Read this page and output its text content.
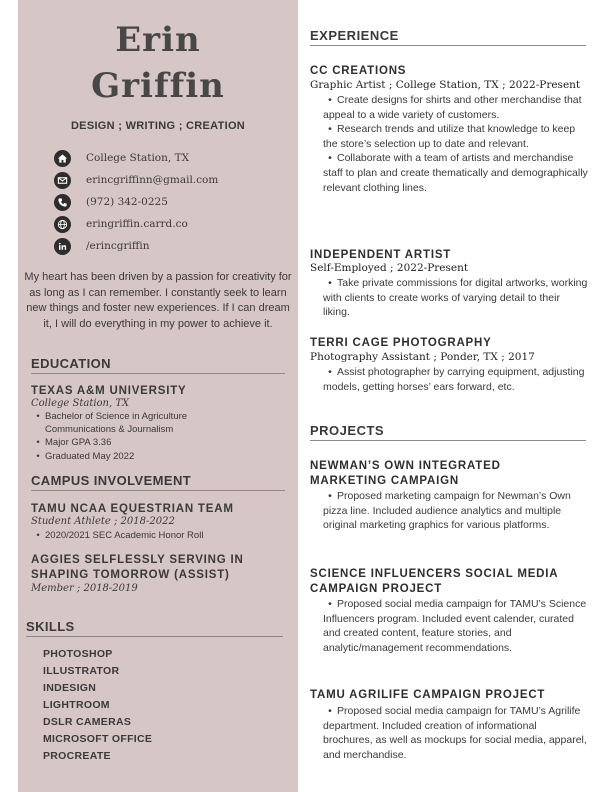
Erin
Griffin
DESIGN ; WRITING ; CREATION
College Station, TX
erincgriffinn@gmail.com
(972) 342-0225
eringriffin.carrd.co
/erincgriffin
My heart has been driven by a passion for creativity for as long as I can remember. I constantly seek to learn new things and foster new experiences. If I can dream it, I will do everything in my power to achieve it.
EDUCATION
TEXAS A&M UNIVERSITY
College Station, TX
• Bachelor of Science in Agriculture Communications & Journalism
• Major GPA 3.36
• Graduated May 2022
CAMPUS INVOLVEMENT
TAMU NCAA EQUESTRIAN TEAM
Student Athlete ; 2018-2022
• 2020/2021 SEC Academic Honor Roll
AGGIES SELFLESSLY SERVING IN SHAPING TOMORROW (ASSIST)
Member ; 2018-2019
SKILLS
PHOTOSHOP
ILLUSTRATOR
INDESIGN
LIGHTROOM
DSLR CAMERAS
MICROSOFT OFFICE
PROCREATE
EXPERIENCE
CC CREATIONS
Graphic Artist ; College Station, TX ; 2022-Present
• Create designs for shirts and other merchandise that appeal to a wide variety of customers.
• Research trends and utilize that knowledge to keep the store’s selection up to date and relevant.
• Collaborate with a team of artists and merchandise staff to plan and create thematically and demographically relevant clothing lines.
INDEPENDENT ARTIST
Self-Employed ; 2022-Present
• Take private commissions for digital artworks, working with clients to create works of varying detail to their liking.
TERRI CAGE PHOTOGRAPHY
Photography Assistant ; Ponder, TX ; 2017
• Assist photographer by carrying equipment, adjusting models, getting horses’ ears forward, etc.
PROJECTS
NEWMAN’S OWN INTEGRATED MARKETING CAMPAIGN
• Proposed marketing campaign for Newman’s Own pizza line. Included audience analytics and multiple original marketing graphics for various platforms.
SCIENCE INFLUENCERS SOCIAL MEDIA CAMPAIGN PROJECT
• Proposed social media campaign for TAMU’s Science Influencers program. Included event calender, curated and created content, feature stories, and analytic/management recommendations.
TAMU AGRILIFE CAMPAIGN PROJECT
• Proposed social media campaign for TAMU’s Agrilife department. Included creation of informational brochures, as well as mockups for social media, apparel, and merchandise.
